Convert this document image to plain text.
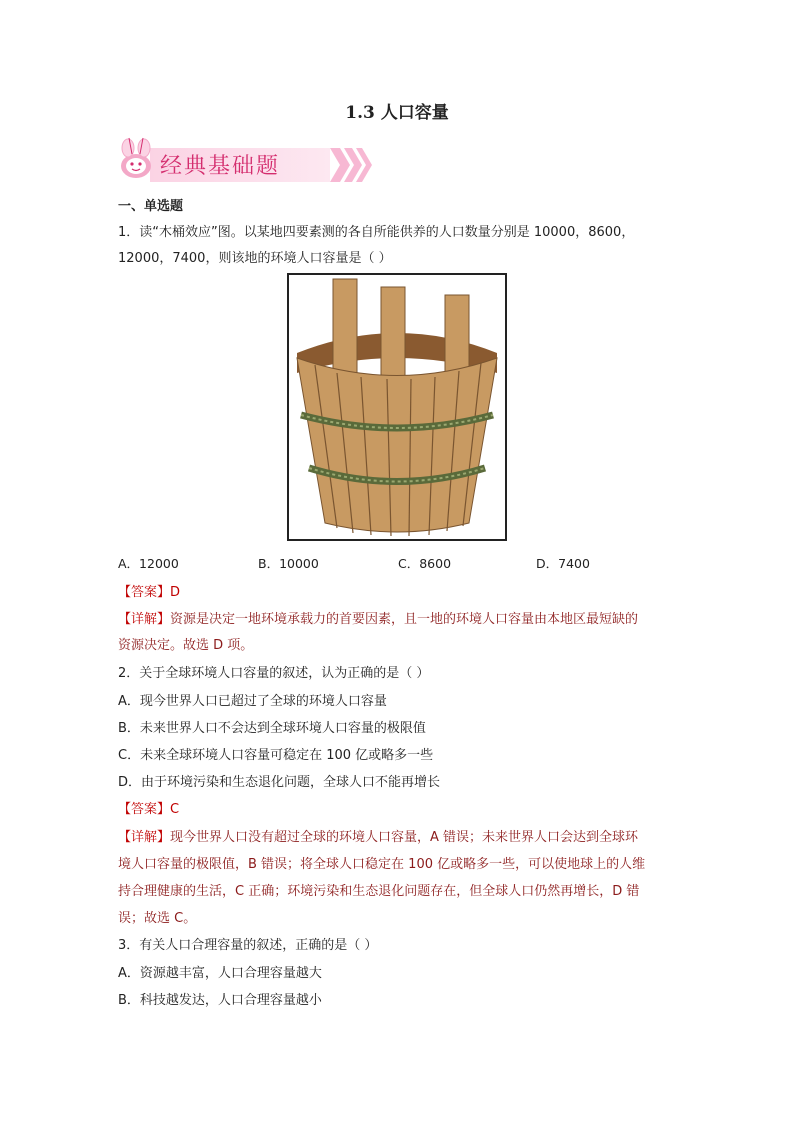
1.3 人口容量
经典基础题
一、单选题
1．读“木桶效应”图。以某地四要素测的各自所能供养的人口数量分别是 10000，8600，
12000，7400，则该地的环境人口容量是（ ）
A．12000	B．10000	C．8600	D．7400
【答案】D
【详解】资源是决定一地环境承载力的首要因素，且一地的环境人口容量由本地区最短缺的
资源决定。故选 D 项。
2．关于全球环境人口容量的叙述，认为正确的是（ ）
A．现今世界人口已超过了全球的环境人口容量
B．未来世界人口不会达到全球环境人口容量的极限值
C．未来全球环境人口容量可稳定在 100 亿或略多一些
D．由于环境污染和生态退化问题，全球人口不能再增长
【答案】C
【详解】现今世界人口没有超过全球的环境人口容量，A 错误；未来世界人口会达到全球环
境人口容量的极限值，B 错误；将全球人口稳定在 100 亿或略多一些，可以使地球上的人维
持合理健康的生活，C 正确；环境污染和生态退化问题存在，但全球人口仍然再增长，D 错
误；故选 C。
3．有关人口合理容量的叙述，正确的是（ ）
A．资源越丰富，人口合理容量越大
B．科技越发达，人口合理容量越小
